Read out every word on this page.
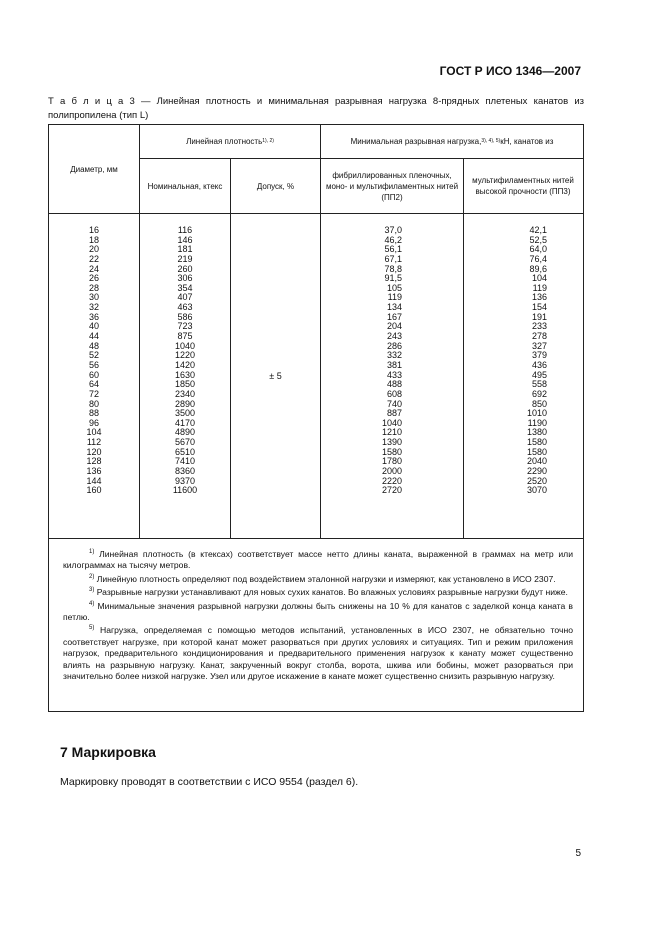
ГОСТ Р ИСО 1346—2007
Т а б л и ц а 3 — Линейная плотность и минимальная разрывная нагрузка 8-прядных плетеных канатов из полипропилена (тип L)
Диаметр, мм
Линейная плотность 1), 2)	Минимальная разрывная нагрузка, 3), 4), 5) кН, канатов из
Номинальная, ктекс	Допуск, %
фибриллированных пленочных, моно- и мультифиламентных нитей (ПП2)
мультифиламентных нитей высокой прочности (ПП3)
16
18
20
22
24
26
28
30
32
36
40
44
48
52
56
60
64
72
80
88
96
104
112
120
128
136
144
160
116
146
181
219
260
306
354
407
463
586
723
875
1040
1220
1420
1630
1850
2340
2890
3500
4170
4890
5670
6510
7410
8360
9370
11600
± 5
37,0
46,2
56,1
67,1
78,8
91,5
105
119
134
167
204
243
286
332
381
433
488
608
740
887
1040
1210
1390
1580
1780
2000
2220
2720
42,1
52,5
64,0
76,4
89,6
104
119
136
154
191
233
278
327
379
436
495
558
692
850
1010
1190
1380
1580
1580
2040
2290
2520
3070

$^{1)}$ Линейная плотность (в ктексах) соответствует массе нетто длины каната, выраженной в граммах на метр или килограммах на тысячу метров.

$^{2)}$ Линейную плотность определяют под воздействием эталонной нагрузки и измеряют, как установлено в ИСО 2307.

$^{3)}$ Разрывные нагрузки устанавливают для новых сухих канатов. Во влажных условиях разрывные нагрузки будут ниже.

$^{4)}$ Минимальные значения разрывной нагрузки должны быть снижены на 10 % для канатов с заделкой конца каната в петлю.

$^{5)}$ Нагрузка, определяемая с помощью методов испытаний, установленных в ИСО 2307, не обязательно точно соответствует нагрузке, при которой канат может разорваться при других условиях и ситуациях. Тип и режим приложения нагрузок, предварительного кондиционирования и предварительного применения нагрузок к канату может существенно влиять на разрывную нагрузку. Канат, закрученный вокруг столба, ворота, шкива или бобины, может разорваться при значительно более низкой нагрузке. Узел или другое искажение в канате может существенно снизить разрывную нагрузку.

7 Маркировка
Маркировку проводят в соответствии с ИСО 9554 (раздел 6).
5
